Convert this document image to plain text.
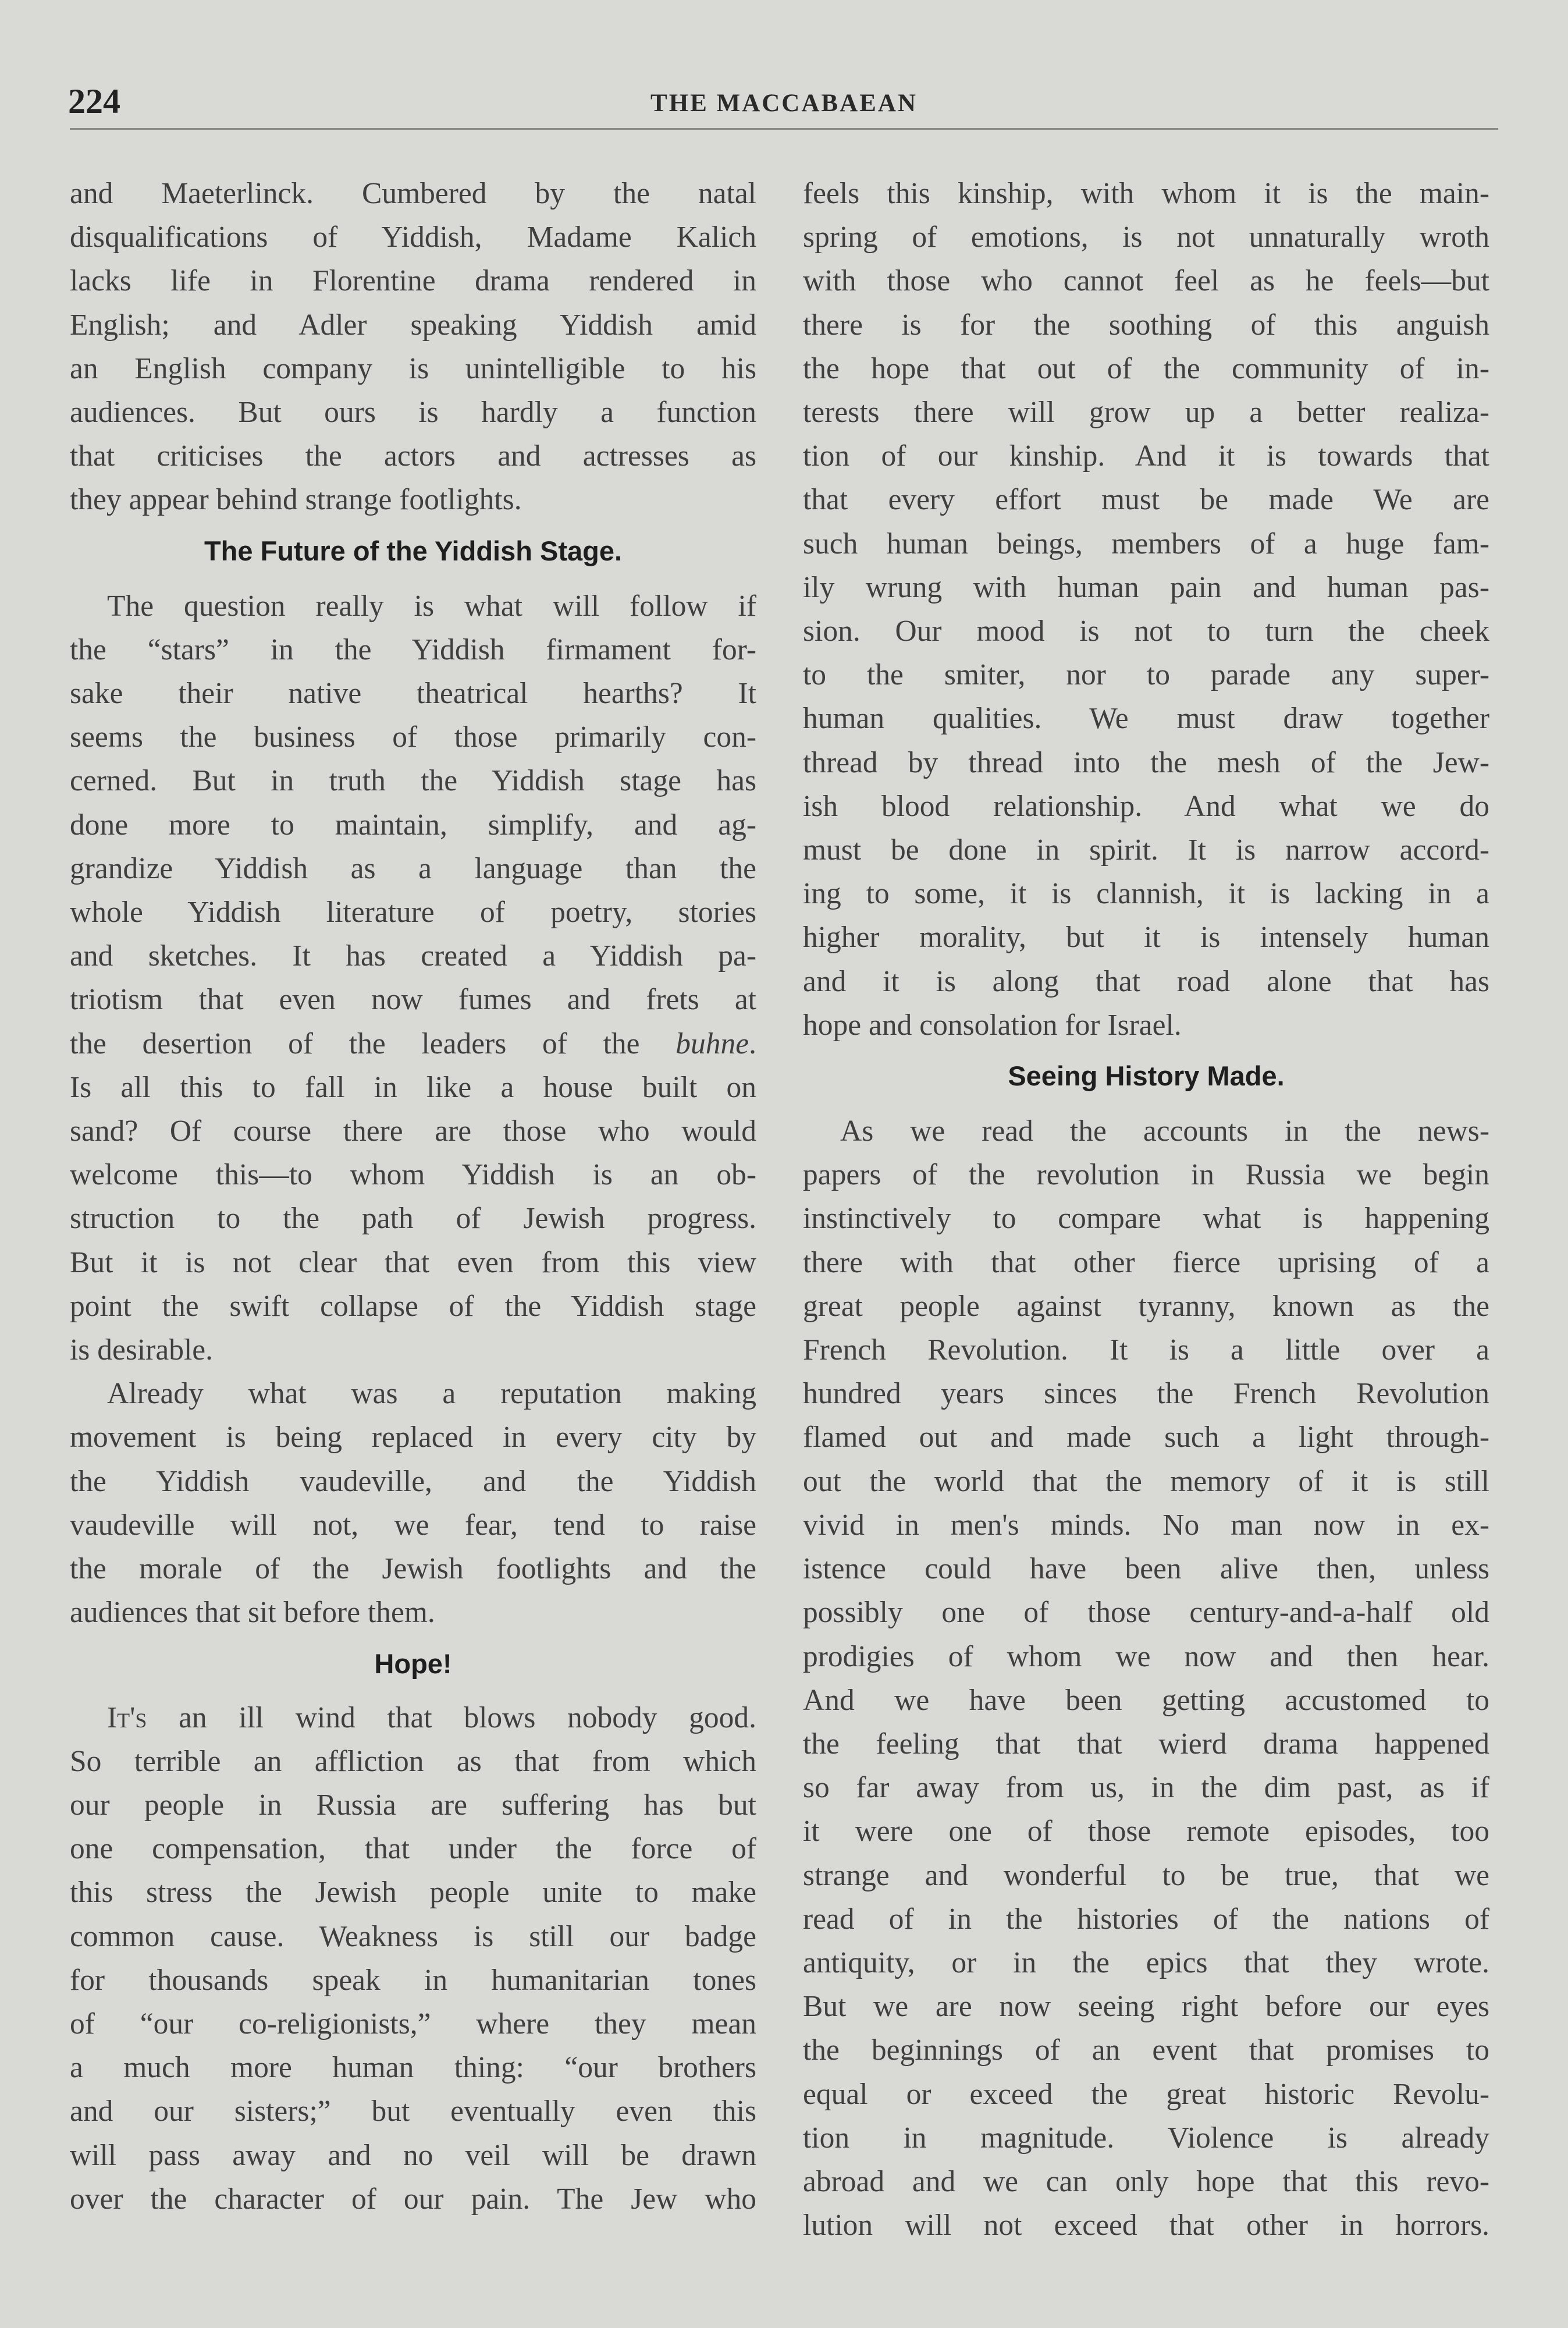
224	THE MACCABAEAN

and Maeterlinck. Cumbered by the natal

disqualifications of Yiddish, Madame Kalich

lacks life in Florentine drama rendered in

English; and Adler speaking Yiddish amid

an English company is unintelligible to his

audiences. But ours is hardly a function

that criticises the actors and actresses as

they appear behind strange footlights.

The Future of the Yiddish Stage.

The question really is what will follow if

the “stars” in the Yiddish firmament for-

sake their native theatrical hearths? It

seems the business of those primarily con-

cerned. But in truth the Yiddish stage has

done more to maintain, simplify, and ag-

grandize Yiddish as a language than the

whole Yiddish literature of poetry, stories

and sketches. It has created a Yiddish pa-

triotism that even now fumes and frets at

the desertion of the leaders of the buhne.

Is all this to fall in like a house built on

sand? Of course there are those who would

welcome this—to whom Yiddish is an ob-

struction to the path of Jewish progress.

But it is not clear that even from this view

point the swift collapse of the Yiddish stage

is desirable.

Already what was a reputation making

movement is being replaced in every city by

the Yiddish vaudeville, and the Yiddish

vaudeville will not, we fear, tend to raise

the morale of the Jewish footlights and the

audiences that sit before them.

Hope!

It's an ill wind that blows nobody good.

So terrible an affliction as that from which

our people in Russia are suffering has but

one compensation, that under the force of

this stress the Jewish people unite to make

common cause. Weakness is still our badge

for thousands speak in humanitarian tones

of “our co-religionists,” where they mean

a much more human thing: “our brothers

and our sisters;” but eventually even this

will pass away and no veil will be drawn

over the character of our pain. The Jew who

feels this kinship, with whom it is the main-

spring of emotions, is not unnaturally wroth

with those who cannot feel as he feels—but

there is for the soothing of this anguish

the hope that out of the community of in-

terests there will grow up a better realiza-

tion of our kinship. And it is towards that

that every effort must be made We are

such human beings, members of a huge fam-

ily wrung with human pain and human pas-

sion. Our mood is not to turn the cheek

to the smiter, nor to parade any super-

human qualities. We must draw together

thread by thread into the mesh of the Jew-

ish blood relationship. And what we do

must be done in spirit. It is narrow accord-

ing to some, it is clannish, it is lacking in a

higher morality, but it is intensely human

and it is along that road alone that has

hope and consolation for Israel.

Seeing History Made.

As we read the accounts in the news-

papers of the revolution in Russia we begin

instinctively to compare what is happening

there with that other fierce uprising of a

great people against tyranny, known as the

French Revolution. It is a little over a

hundred years sinces the French Revolution

flamed out and made such a light through-

out the world that the memory of it is still

vivid in men's minds. No man now in ex-

istence could have been alive then, unless

possibly one of those century-and-a-half old

prodigies of whom we now and then hear.

And we have been getting accustomed to

the feeling that that wierd drama happened

so far away from us, in the dim past, as if

it were one of those remote episodes, too

strange and wonderful to be true, that we

read of in the histories of the nations of

antiquity, or in the epics that they wrote.

But we are now seeing right before our eyes

the beginnings of an event that promises to

equal or exceed the great historic Revolu-

tion in magnitude. Violence is already

abroad and we can only hope that this revo-

lution will not exceed that other in horrors.
